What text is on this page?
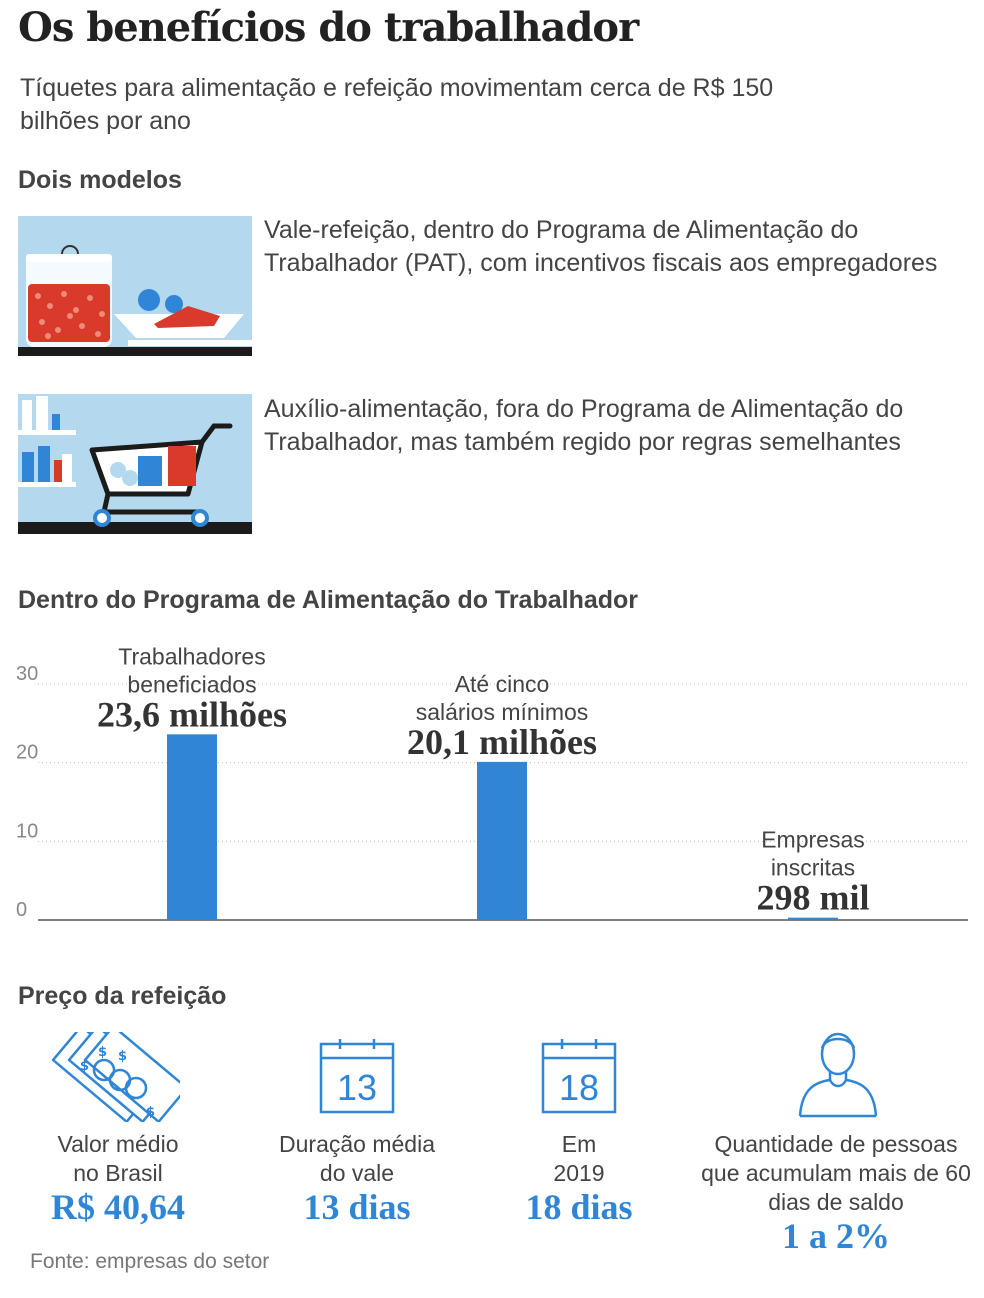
Os benefícios do trabalhador
Tíquetes para alimentação e refeição movimentam cerca de R$ 150 bilhões por ano
Dois modelos
Vale-refeição, dentro do Programa de Alimentação do Trabalhador (PAT), com incentivos fiscais aos empregadores
Auxílio-alimentação, fora do Programa de Alimentação do Trabalhador, mas também regido por regras semelhantes
Dentro do Programa de Alimentação do Trabalhador
0
10
20
30
23,6 milhões
Trabalhadores
beneficiados
20,1 milhões
Até cinco
salários mínimos
298 mil
Empresas
inscritas
Preço da refeição
$
$ $
$
13	18
Valor médio no Brasil
R$ 40,64
Duração média do vale
13 dias
Em 2019
18 dias
Quantidade de pessoas que acumulam mais de 60 dias de saldo
1 a 2%
Fonte: empresas do setor
